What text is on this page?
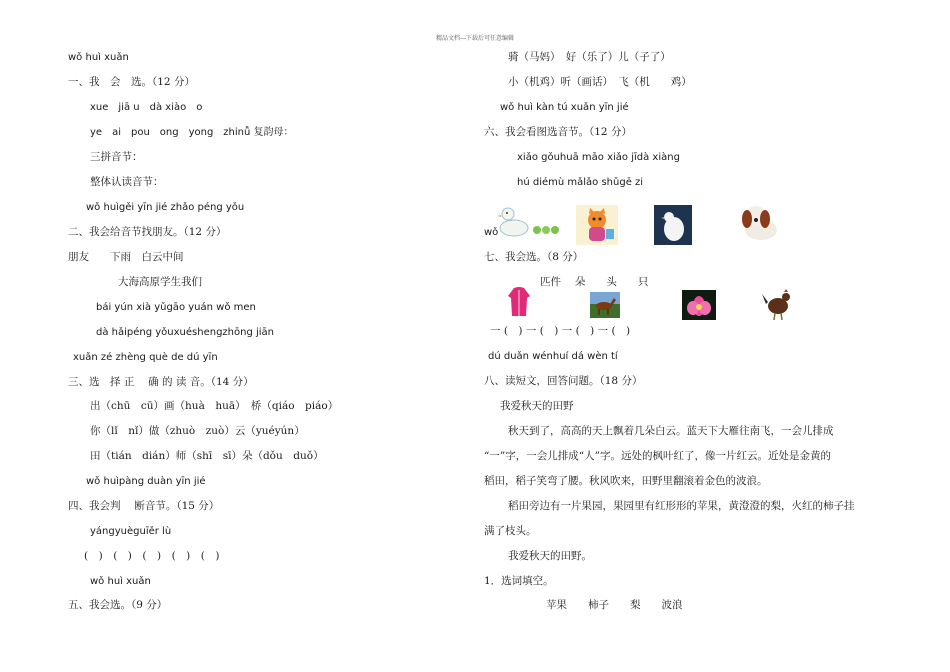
精品文档---下载后可任意编辑
wǒ huì xuǎn
一、我　会　选。（12 分）
xue　jiā u　dà xiào　o
ye　ai　pou　ong　yong　zhinǚ 复韵母：
三拼音节：
整体认读音节：
wǒ huìgěi yīn jié zhǎo péng yǒu
二、我会给音节找朋友。（12 分）
朋友　　下雨　白云中间
大海高原学生我们
bái yún xià yǔgāo yuán wǒ men
dà hǎipéng yǒuxuéshengzhōng jiān
xuǎn zé zhèng què de dú yīn
三、选　择 正　 确 的 读 音。（14 分）
出（chū　cū）画（huà　huā）　桥（qiáo　piáo）
你（lǐ　nǐ）做（zhuò　zuò）云（yuéyún）
田（tián　dián）师（shī　sī）朵（dǒu　duǒ）
wǒ huìpàng duàn yīn jié
四、我会判　 断音节。（15 分）
yángyuèguīěr lù
(　)　(　)　(　)　(　)　(　)
wǒ huì xuǎn
五、我会选。（9 分）
骑（马妈）　好（乐了）儿（子了）
小（机鸡）听（画话）　飞（机　　鸡）
wǒ huì kàn tú xuǎn yīn jié
六、我会看图选音节。（12 分）
xiǎo gǒuhuā māo xiǎo jīdà xiàng
hú diémù mǎlǎo shǔgē zi
wǒ
七、我会选。（8 分）
匹件　 朵　　头　　只
一 (　) 一 (　) 一 (　) 一 (　)
dú duǎn wénhuí dá wèn tí
八、读短文，回答问题。（18 分）
我爱秋天的田野
秋天到了，高高的天上飘着几朵白云。蓝天下大雁往南飞，一会儿排成
“一”字，一会儿排成“人”字。远处的枫叶红了，像一片红云。近处是金黄的
稻田，稻子笑弯了腰。秋风吹来，田野里翻滚着金色的波浪。
稻田旁边有一片果园，果园里有红形形的苹果，黄澄澄的梨，火红的柿子挂
满了枝头。
我爱秋天的田野。
1．选词填空。
苹果　　柿子　　梨　　波浪
